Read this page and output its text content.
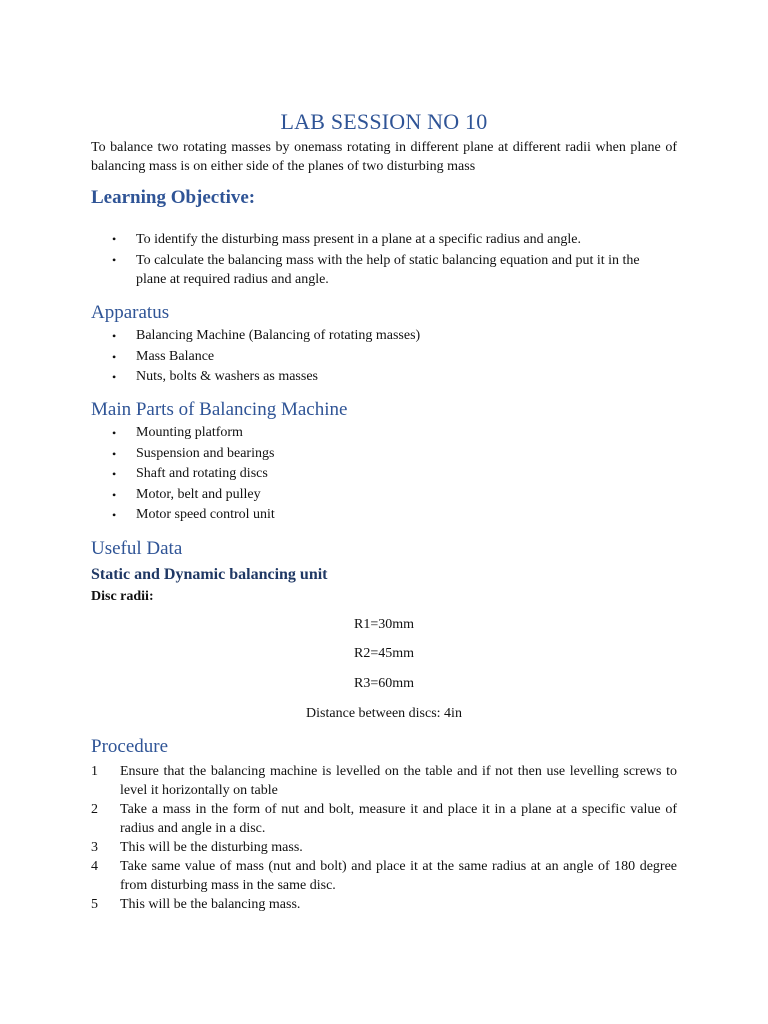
LAB SESSION NO 10
To balance two rotating masses by onemass rotating in different plane at different radii when plane of balancing mass is on either side of the planes of two disturbing mass
Learning Objective:
• To identify the disturbing mass present in a plane at a specific radius and angle.
• To calculate the balancing mass with the help of static balancing equation and put it in the plane at required radius and angle.
Apparatus
• Balancing Machine (Balancing of rotating masses)
• Mass Balance
• Nuts, bolts & washers as masses
Main Parts of Balancing Machine
• Mounting platform
• Suspension and bearings
• Shaft and rotating discs
• Motor, belt and pulley
• Motor speed control unit
Useful Data
Static and Dynamic balancing unit
Disc radii:
R1=30mm
R2=45mm
R3=60mm
Distance between discs: 4in
Procedure
1 Ensure that the balancing machine is levelled on the table and if not then use levelling screws to level it horizontally on table
2 Take a mass in the form of nut and bolt, measure it and place it in a plane at a specific value of radius and angle in a disc.
3 This will be the disturbing mass.
4 Take same value of mass (nut and bolt) and place it at the same radius at an angle of 180 degree from disturbing mass in the same disc.
5 This will be the balancing mass.
